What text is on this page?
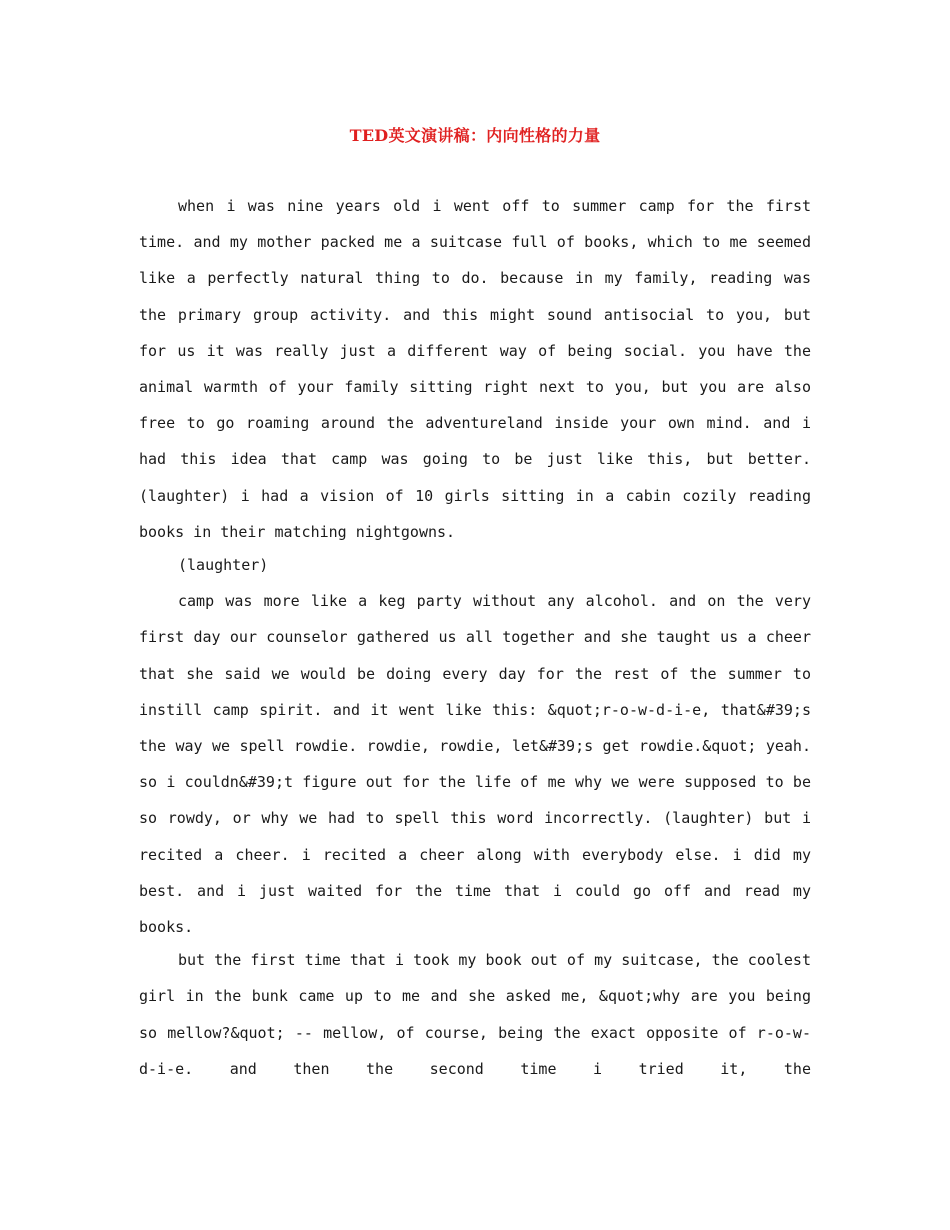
TED英文演讲稿：内向性格的力量

when i was nine years old i went off to summer camp for the first time. and my mother packed me a suitcase full of books, which to me seemed like a perfectly natural thing to do. because in my family, reading was the primary group activity. and this might sound antisocial to you, but for us it was really just a different way of being social. you have the animal warmth of your family sitting right next to you, but you are also free to go roaming around the adventureland inside your own mind. and i had this idea that camp was going to be just like this, but better. (laughter) i had a vision of 10 girls sitting in a cabin cozily reading books in their matching nightgowns.

(laughter)

camp was more like a keg party without any alcohol. and on the very first day our counselor gathered us all together and she taught us a cheer that she said we would be doing every day for the rest of the summer to instill camp spirit. and it went like this: &quot;r-o-w-d-i-e, that&#39;s the way we spell rowdie. rowdie, rowdie, let&#39;s get rowdie.&quot; yeah. so i couldn&#39;t figure out for the life of me why we were supposed to be so rowdy, or why we had to spell this word incorrectly. (laughter) but i recited a cheer. i recited a cheer along with everybody else. i did my best. and i just waited for the time that i could go off and read my books.

but the first time that i took my book out of my suitcase, the coolest girl in the bunk came up to me and she asked me, &quot;why are you being so mellow?&quot; -- mellow, of course, being the exact opposite of r-o-w-d-i-e. and then the second time i tried it, the
